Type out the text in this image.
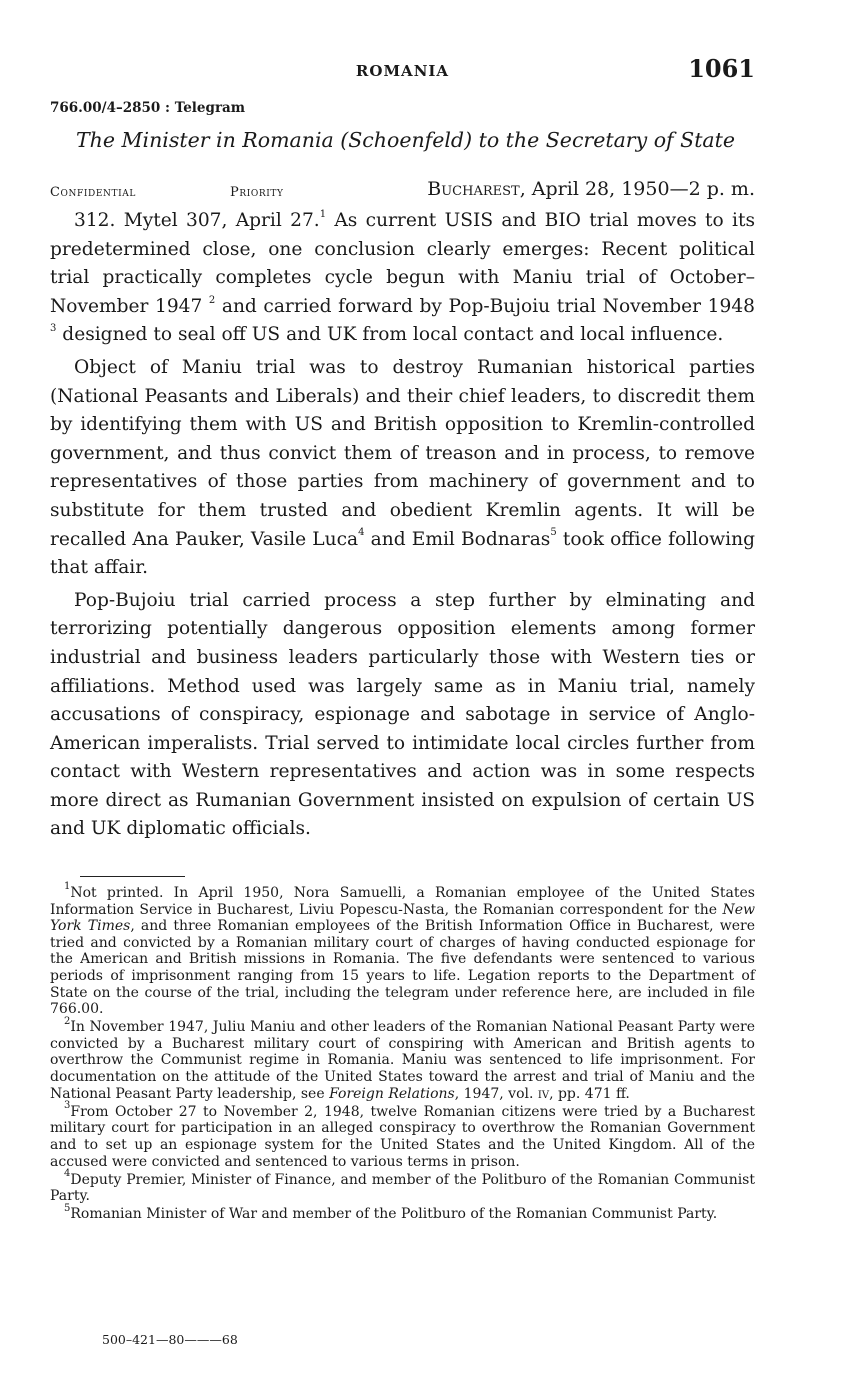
ROMANIA	1061
766.00/4–2850 : Telegram
The Minister in Romania (Schoenfeld) to the Secretary of State
Confidential	Priority	Bucharest, April 28, 1950—2 p. m.

312. Mytel 307, April 27.$^1$ As current USIS and BIO trial moves to its predetermined close, one conclusion clearly emerges: Recent political trial practically completes cycle begun with Maniu trial of October–November 1947 $^2$ and carried forward by Pop-Bujoiu trial November 1948 $^3$ designed to seal off US and UK from local contact and local influence.

Object of Maniu trial was to destroy Rumanian historical parties (National Peasants and Liberals) and their chief leaders, to discredit them by identifying them with US and British opposition to Kremlin-controlled government, and thus convict them of treason and in process, to remove representatives of those parties from machinery of government and to substitute for them trusted and obedient Kremlin agents. It will be recalled Ana Pauker, Vasile Luca$^4$ and Emil Bodnaras$^5$ took office following that affair.

Pop-Bujoiu trial carried process a step further by elminating and terrorizing potentially dangerous opposition elements among former industrial and business leaders particularly those with Western ties or affiliations. Method used was largely same as in Maniu trial, namely accusations of conspiracy, espionage and sabotage in service of Anglo-American imperalists. Trial served to intimidate local circles further from contact with Western representatives and action was in some respects more direct as Rumanian Government insisted on expulsion of certain US and UK diplomatic officials.

$^1$Not printed. In April 1950, Nora Samuelli, a Romanian employee of the United States Information Service in Bucharest, Liviu Popescu-Nasta, the Romanian correspondent for the New York Times, and three Romanian employees of the British Information Office in Bucharest, were tried and convicted by a Romanian military court of charges of having conducted espionage for the American and British missions in Romania. The five defendants were sentenced to various periods of imprisonment ranging from 15 years to life. Legation reports to the Department of State on the course of the trial, including the telegram under reference here, are included in file 766.00.

$^2$In November 1947, Juliu Maniu and other leaders of the Romanian National Peasant Party were convicted by a Bucharest military court of conspiring with American and British agents to overthrow the Communist regime in Romania. Maniu was sentenced to life imprisonment. For documentation on the attitude of the United States toward the arrest and trial of Maniu and the National Peasant Party leadership, see Foreign Relations, 1947, vol. iv, pp. 471 ff.

$^3$From October 27 to November 2, 1948, twelve Romanian citizens were tried by a Bucharest military court for participation in an alleged conspiracy to overthrow the Romanian Government and to set up an espionage system for the United States and the United Kingdom. All of the accused were convicted and sentenced to various terms in prison.

$^4$Deputy Premier, Minister of Finance, and member of the Politburo of the Romanian Communist Party.

$^5$Romanian Minister of War and member of the Politburo of the Romanian Communist Party.

500–421—80———68
